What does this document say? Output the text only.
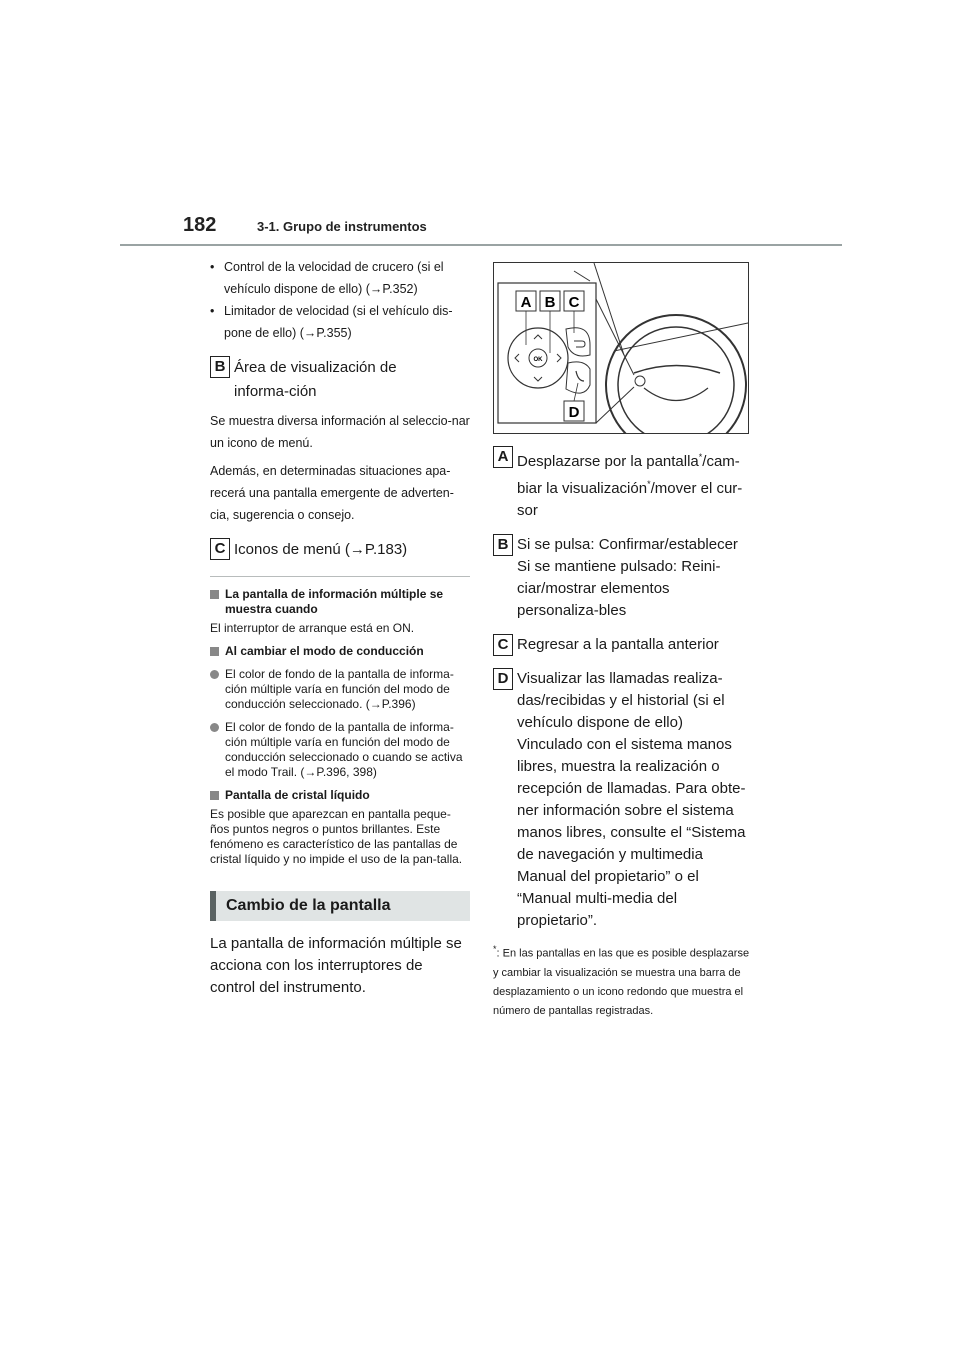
182	3-1. Grupo de instrumentos

• Control de la velocidad de crucero (si el vehículo dispone de ello) (→P.352)

• Limitador de velocidad (si el vehículo dis-pone de ello) (→P.355)

B Área de visualización de informa-ción

Se muestra diversa información al seleccio-nar un icono de menú.

Además, en determinadas situaciones apa-recerá una pantalla emergente de adverten-cia, sugerencia o consejo.

C Iconos de menú (→P.183)
La pantalla de información múltiple se muestra cuando
El interruptor de arranque está en ON.
Al cambiar el modo de conducción
El color de fondo de la pantalla de informa-ción múltiple varía en función del modo de conducción seleccionado. (→P.396)
El color de fondo de la pantalla de informa-ción múltiple varía en función del modo de conducción seleccionado o cuando se activa el modo Trail. (→P.396, 398)
Pantalla de cristal líquido
Es posible que aparezcan en pantalla peque-ños puntos negros o puntos brillantes. Este fenómeno es característico de las pantallas de cristal líquido y no impide el uso de la pan-talla.
Cambio de la pantalla
La pantalla de información múltiple se acciona con los interruptores de control del instrumento.
OK
A B C
D
A Desplazarse por la pantalla*/cam-biar la visualización*/mover el cur-sor
B Si se pulsa: Confirmar/establecer
Si se mantiene pulsado: Reini-ciar/mostrar elementos personaliza-bles
C Regresar a la pantalla anterior
D Visualizar las llamadas realiza-das/recibidas y el historial (si el vehículo dispone de ello)
Vinculado con el sistema manos libres, muestra la realización o recepción de llamadas. Para obte-ner información sobre el sistema manos libres, consulte el “Sistema de navegación y multimedia Manual del propietario” o el “Manual multi-media del propietario”.
*: En las pantallas en las que es posible desplazarse y cambiar la visualización se muestra una barra de desplazamiento o un icono redondo que muestra el número de pantallas registradas.
